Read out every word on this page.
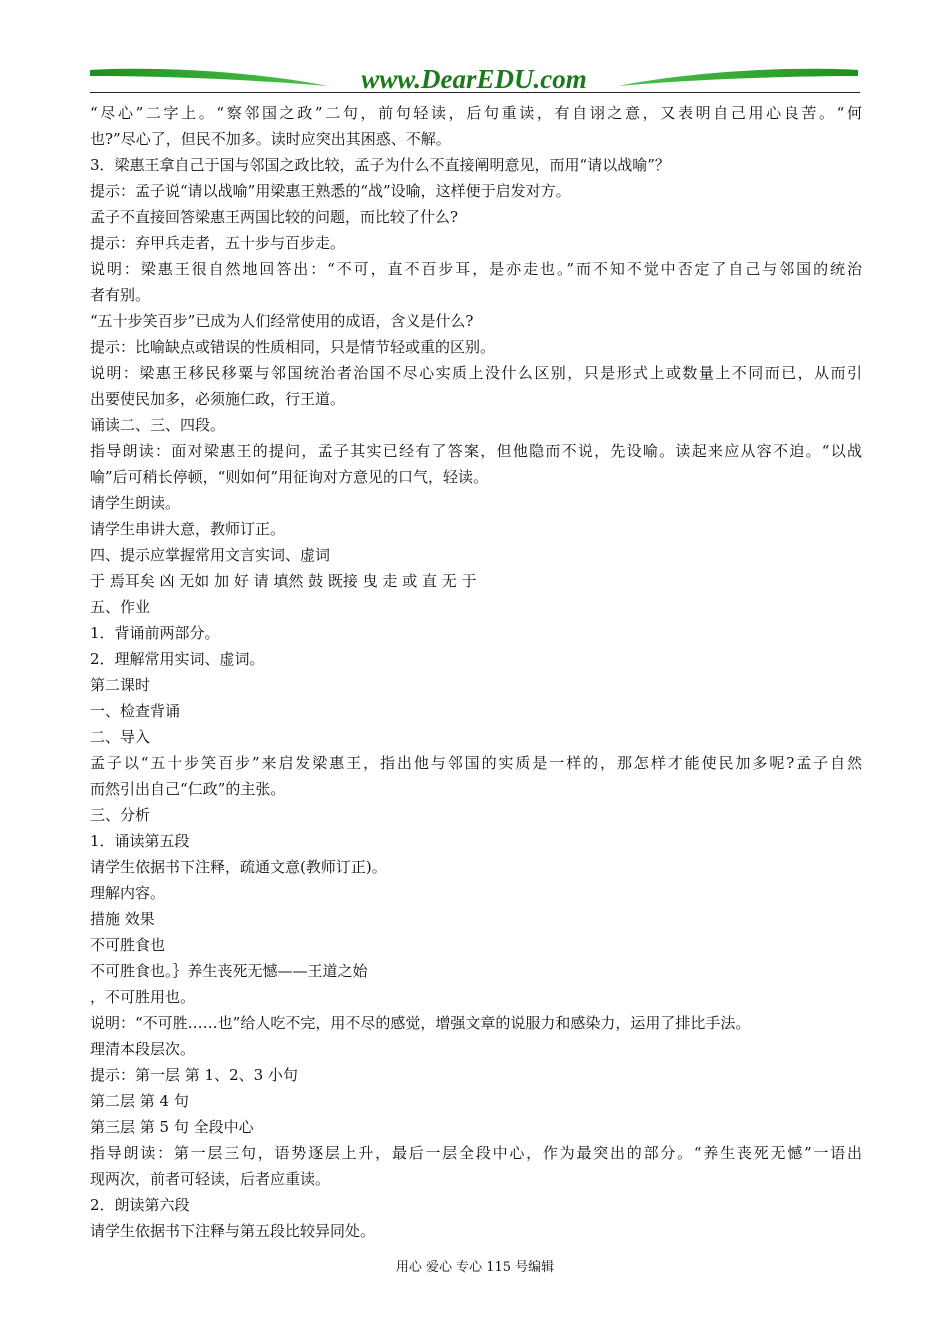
www.DearEDU.com
“尽心”二字上。“察邻国之政”二句，前句轻读，后句重读，有自诩之意，又表明自己用心良苦。“何
也?”尽心了，但民不加多。读时应突出其困惑、不解。
3．梁惠王拿自己于国与邻国之政比较，孟子为什么不直接阐明意见，而用“请以战喻”？
提示：孟子说“请以战喻”用梁惠王熟悉的“战”设喻，这样便于启发对方。
孟子不直接回答梁惠王两国比较的问题，而比较了什么?
提示：弃甲兵走者，五十步与百步走。
说明：梁惠王很自然地回答出：“不可，直不百步耳，是亦走也。”而不知不觉中否定了自己与邻国的统治
者有别。
“五十步笑百步”已成为人们经常使用的成语，含义是什么?
提示：比喻缺点或错误的性质相同，只是情节轻或重的区别。
说明：梁惠王移民移粟与邻国统治者治国不尽心实质上没什么区别，只是形式上或数量上不同而已，从而引
出要使民加多，必须施仁政，行王道。
诵读二、三、四段。
指导朗读：面对梁惠王的提问，孟子其实已经有了答案，但他隐而不说，先设喻。读起来应从容不迫。“以战
喻”后可稍长停顿，“则如何”用征询对方意见的口气，轻读。
请学生朗读。
请学生串讲大意，教师订正。
四、提示应掌握常用文言实词、虚词
于 焉耳矣 凶 无如 加 好 请 填然 鼓 既接 曳 走 或 直 无 于
五、作业
1．背诵前两部分。
2．理解常用实词、虚词。
第二课时
一、检查背诵
二、导入
孟子以“五十步笑百步”来启发梁惠王，指出他与邻国的实质是一样的，那怎样才能使民加多呢?孟子自然
而然引出自己“仁政”的主张。
三、分析
1．诵读第五段
请学生依据书下注释，疏通文意(教师订正)。
理解内容。
措施 效果
不可胜食也
不可胜食也。｝养生丧死无憾——王道之始
，不可胜用也。
说明：“不可胜……也”给人吃不完，用不尽的感觉，增强文章的说服力和感染力，运用了排比手法。
理清本段层次。
提示：第一层 第 1、2、3 小句
第二层 第 4 句
第三层 第 5 句 全段中心
指导朗读：第一层三句，语势逐层上升，最后一层全段中心，作为最突出的部分。“养生丧死无憾”一语出
现两次，前者可轻读，后者应重读。
2．朗读第六段
请学生依据书下注释与第五段比较异同处。
用心 爱心 专心 115 号编辑
